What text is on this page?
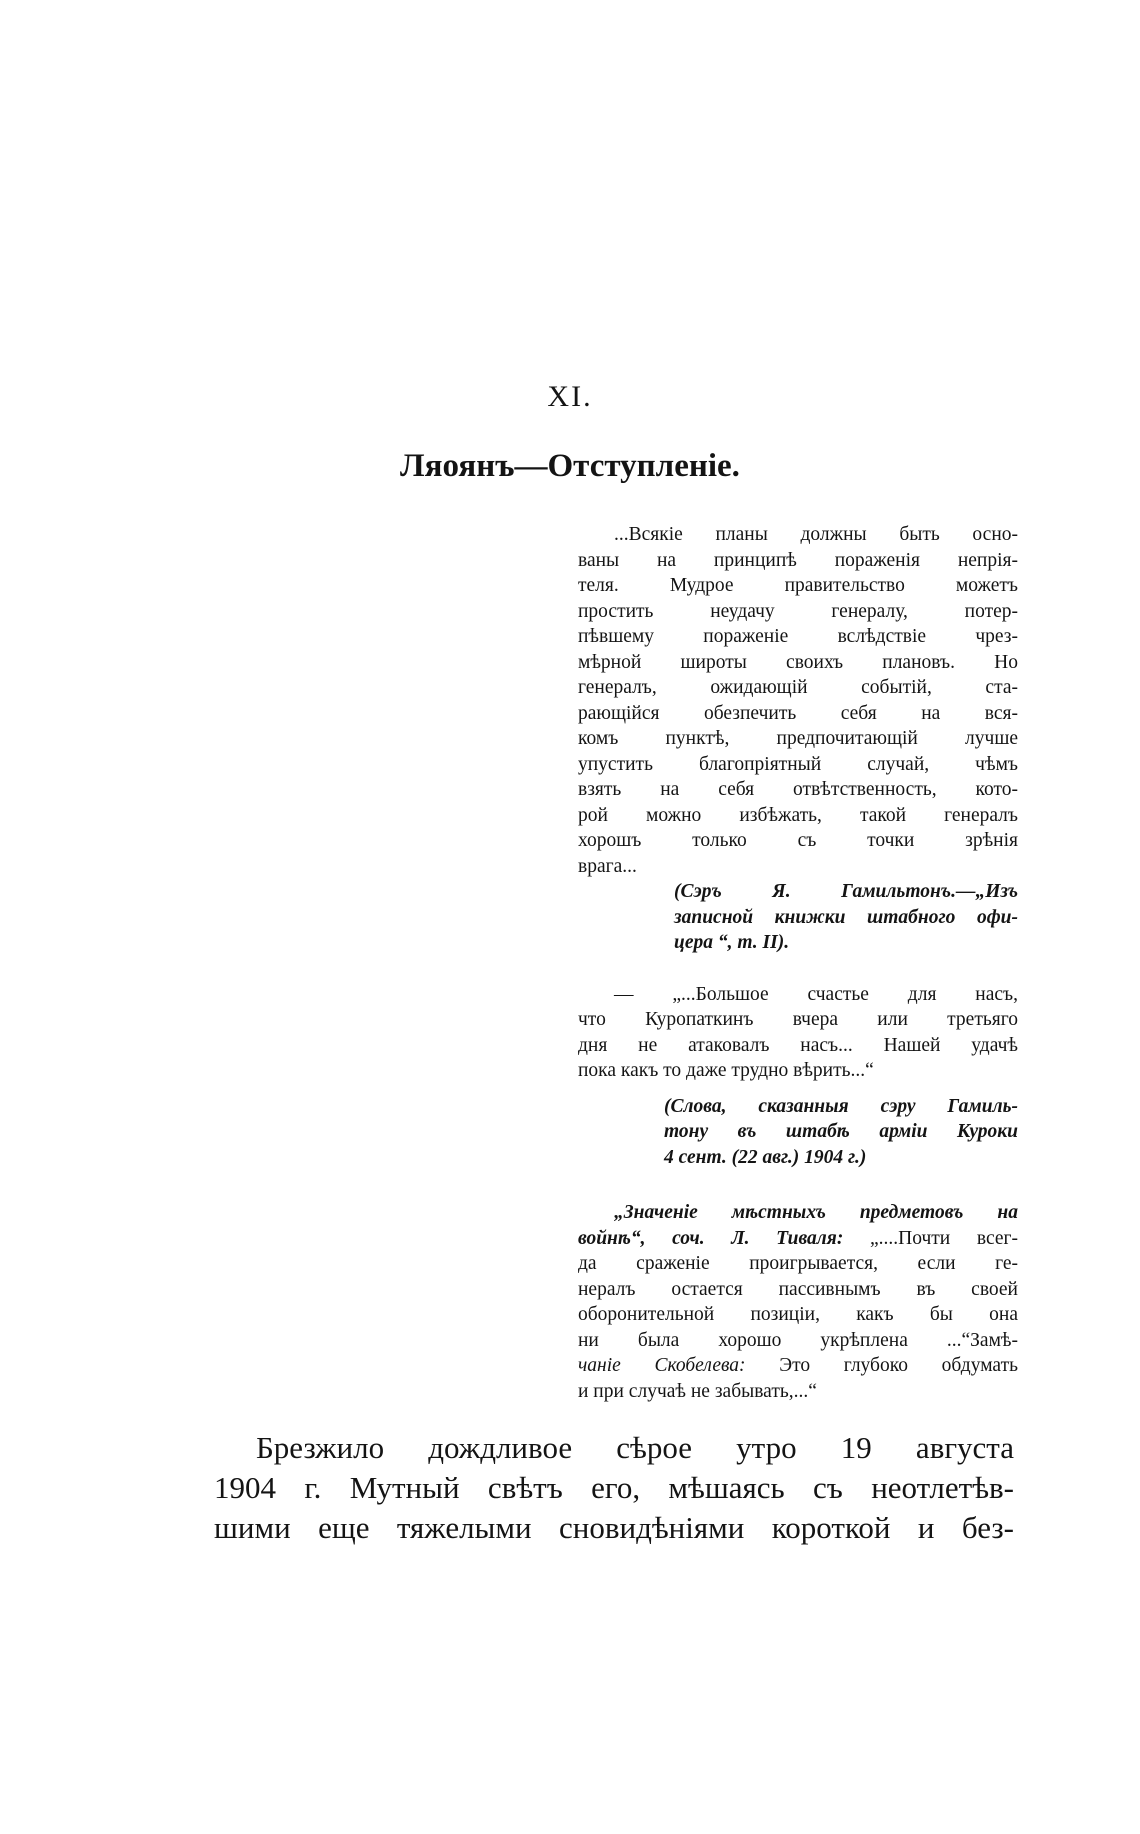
XI.
Ляоянъ—Отступленіе.
...Всякіе планы должны быть осно-
ваны на принципѣ пораженія непрія-
теля. Мудрое правительство можетъ
простить неудачу генералу, потер-
пѣвшему пораженіе вслѣдствіе чрез-
мѣрной широты своихъ плановъ. Но
генералъ, ожидающій событій, ста-
рающійся обезпечить себя на вся-
комъ пунктѣ, предпочитающій лучше
упустить благопріятный случай, чѣмъ
взять на себя отвѣтственность, кото-
рой можно избѣжать, такой генералъ
хорошъ только съ точки зрѣнія
врага...
(Сэръ Я. Гамильтонъ.—„Изъ
записной книжки штабного офи-
цера “, т. II).
— „...Большое счастье для насъ,
что Куропаткинъ вчера или третьяго
дня не атаковалъ насъ... Нашей удачѣ
пока какъ то даже трудно вѣрить...“
(Слова, сказанныя сэру Гамиль-
тону въ штабѣ арміи Куроки
4 сент. (22 авг.) 1904 г.)
„Значеніе мѣстныхъ предметовъ на
войнѣ“, соч. Л. Тиваля: „....Почти всег-
да сраженіе проигрывается, если ге-
нералъ остается пассивнымъ въ своей
оборонительной позиціи, какъ бы она
ни была хорошо укрѣплена ...“Замѣ-
чаніе Скобелева: Это глубоко обдумать
и при случаѣ не забывать,...“
Брезжило дождливое сѣрое утро 19 августа
1904 г. Мутный свѣтъ его, мѣшаясь съ неотлетѣв-
шими еще тяжелыми сновидѣніями короткой и без-
